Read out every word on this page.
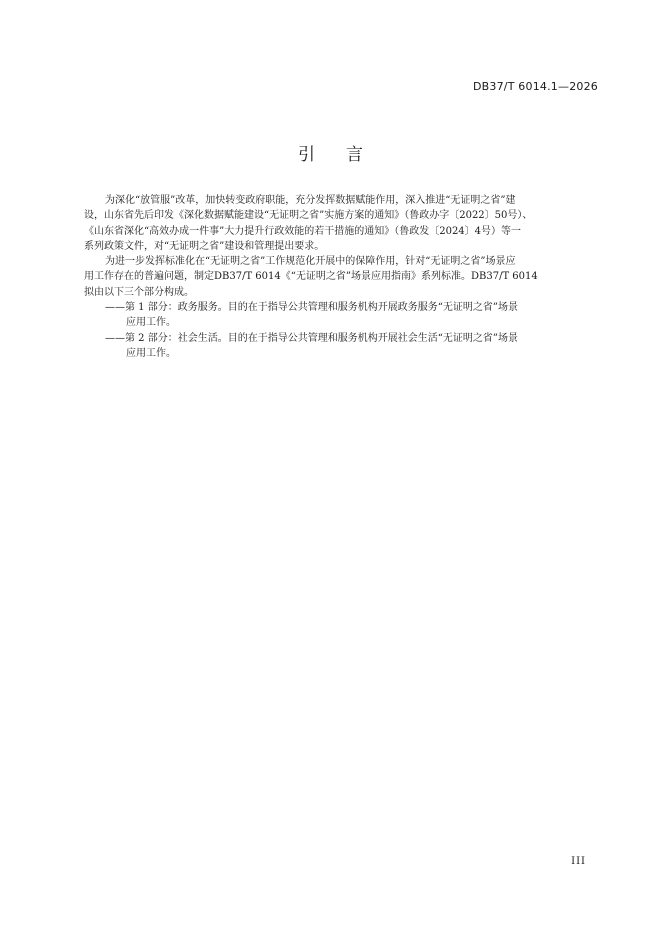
DB37/T 6014.1—2026
引 言
为深化“放管服”改革，加快转变政府职能，充分发挥数据赋能作用，深入推进“无证明之省”建
设，山东省先后印发《深化数据赋能建设“无证明之省”实施方案的通知》（鲁政办字〔2022〕50号）、
《山东省深化“高效办成一件事”大力提升行政效能的若干措施的通知》（鲁政发〔2024〕4号）等一
系列政策文件，对“无证明之省”建设和管理提出要求。
为进一步发挥标准化在“无证明之省”工作规范化开展中的保障作用，针对“无证明之省”场景应
用工作存在的普遍问题，制定DB37/T 6014《“无证明之省”场景应用指南》系列标准。DB37/T 6014
拟由以下三个部分构成。
——第 1 部分：政务服务。目的在于指导公共管理和服务机构开展政务服务“无证明之省”场景
应用工作。
——第 2 部分：社会生活。目的在于指导公共管理和服务机构开展社会生活“无证明之省”场景
应用工作。
III
